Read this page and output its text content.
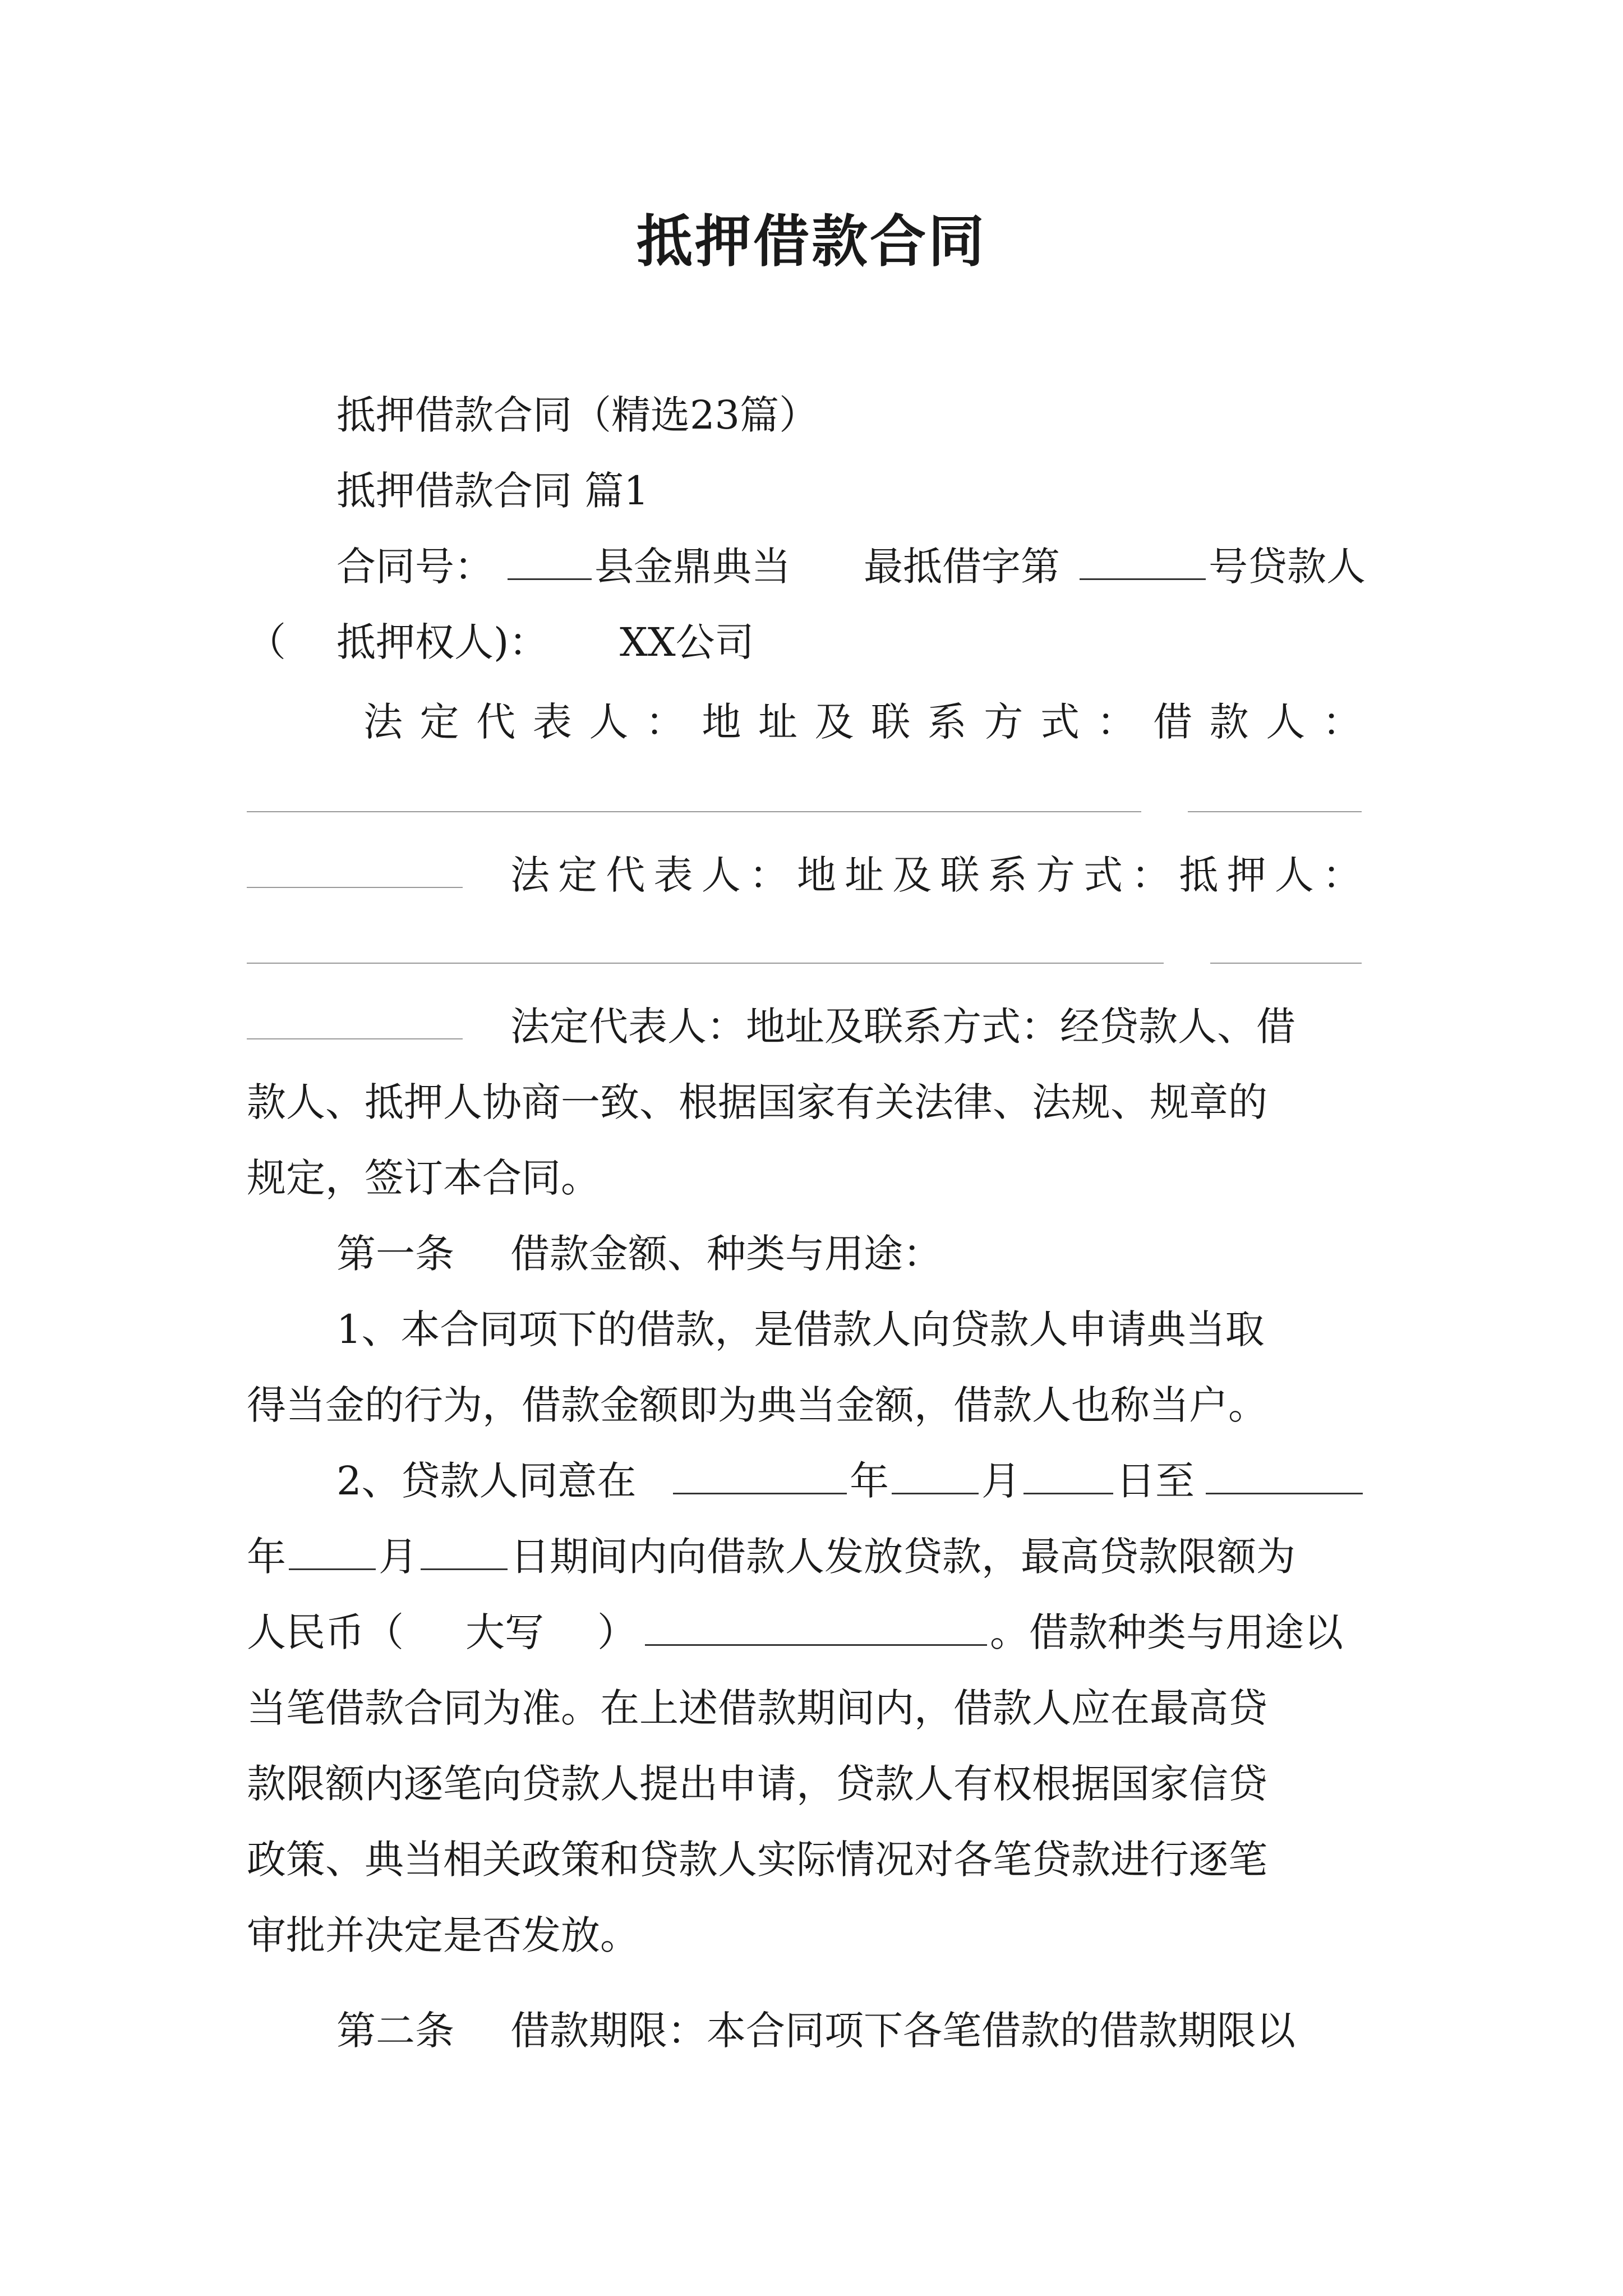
抵押借款合同

抵押借款合同（精选23篇）

抵押借款合同 篇1

合同号：

	县金鼎典当

最抵借字第

	号贷款人

（

抵押权人)：

XX公司

法 定 代 表 人 ： 地 址 及 联 系 方 式 ： 借 款 人 ：

法 定 代 表 人 ： 地 址 及 联 系 方 式 ： 抵 押 人 ：

法定代表人：地址及联系方式：经贷款人、借

款人、抵押人协商一致、根据国家有关法律、法规、规章的

规定，签订本合同。

第一条

借款金额、种类与用途：

1、本合同项下的借款，是借款人向贷款人申请典当取

得当金的行为，借款金额即为典当金额，借款人也称当户。

2、贷款人同意在

	年

月

日至

年

月

日期间内向借款人发放贷款，最高贷款限额为

人民币（

大写

）

	。借款种类与用途以

当笔借款合同为准。在上述借款期间内，借款人应在最高贷

款限额内逐笔向贷款人提出申请，贷款人有权根据国家信贷

政策、典当相关政策和贷款人实际情况对各笔贷款进行逐笔

审批并决定是否发放。

第二条

借款期限：本合同项下各笔借款的借款期限以
